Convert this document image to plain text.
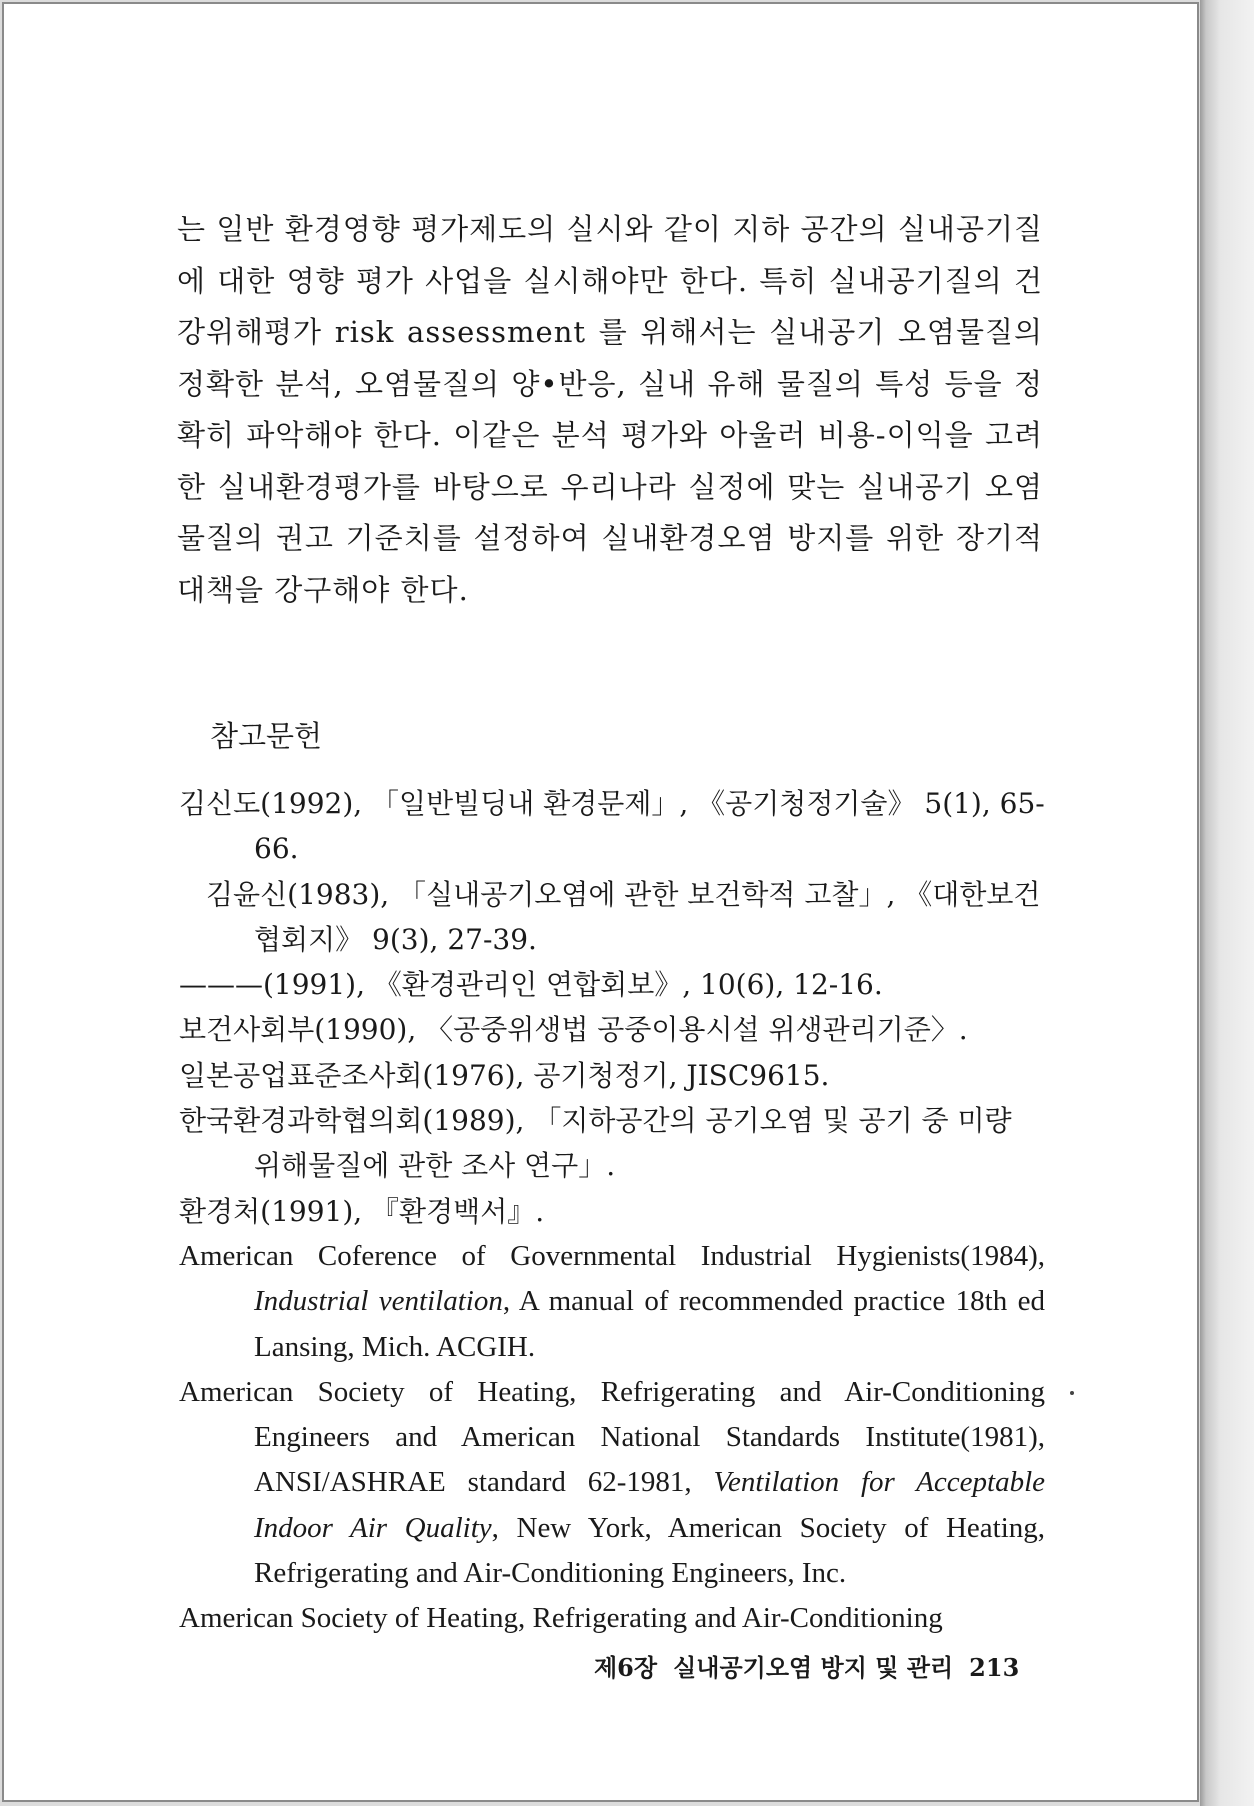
는 일반 환경영향 평가제도의 실시와 같이 지하 공간의 실내공기질에 대한 영향 평가 사업을 실시해야만 한다. 특히 실내공기질의 건강위해평가 risk assessment 를 위해서는 실내공기 오염물질의 정확한 분석, 오염물질의 양•반응, 실내 유해 물질의 특성 등을 정확히 파악해야 한다. 이같은 분석 평가와 아울러 비용-이익을 고려한 실내환경평가를 바탕으로 우리나라 실정에 맞는 실내공기 오염물질의 권고 기준치를 설정하여 실내환경오염 방지를 위한 장기적 대책을 강구해야 한다.

참고문헌
김신도(1992), 「일반빌딩내 환경문제」, 《공기청정기술》 5(1), 65-66.
김윤신(1983), 「실내공기오염에 관한 보건학적 고찰」, 《대한보건협회지》 9(3), 27-39.
———(1991), 《환경관리인 연합회보》, 10(6), 12-16.
보건사회부(1990), 〈공중위생법 공중이용시설 위생관리기준〉.
일본공업표준조사회(1976), 공기청정기, JISC9615.
한국환경과학협의회(1989), 「지하공간의 공기오염 및 공기 중 미량 위해물질에 관한 조사 연구」.
환경처(1991), 『환경백서』.
American Coference of Governmental Industrial Hygienists(1984), Industrial ventilation, A manual of recommended practice 18th ed Lansing, Mich. ACGIH.
American Society of Heating, Refrigerating and Air-Conditioning Engineers and American National Standards Institute(1981), ANSI/ASHRAE standard 62-1981, Ventilation for Acceptable Indoor Air Quality, New York, American Society of Heating, Refrigerating and Air-Conditioning Engineers, Inc.
American Society of Heating, Refrigerating and Air-Conditioning

제6장 실내공기오염 방지 및 관리 213
